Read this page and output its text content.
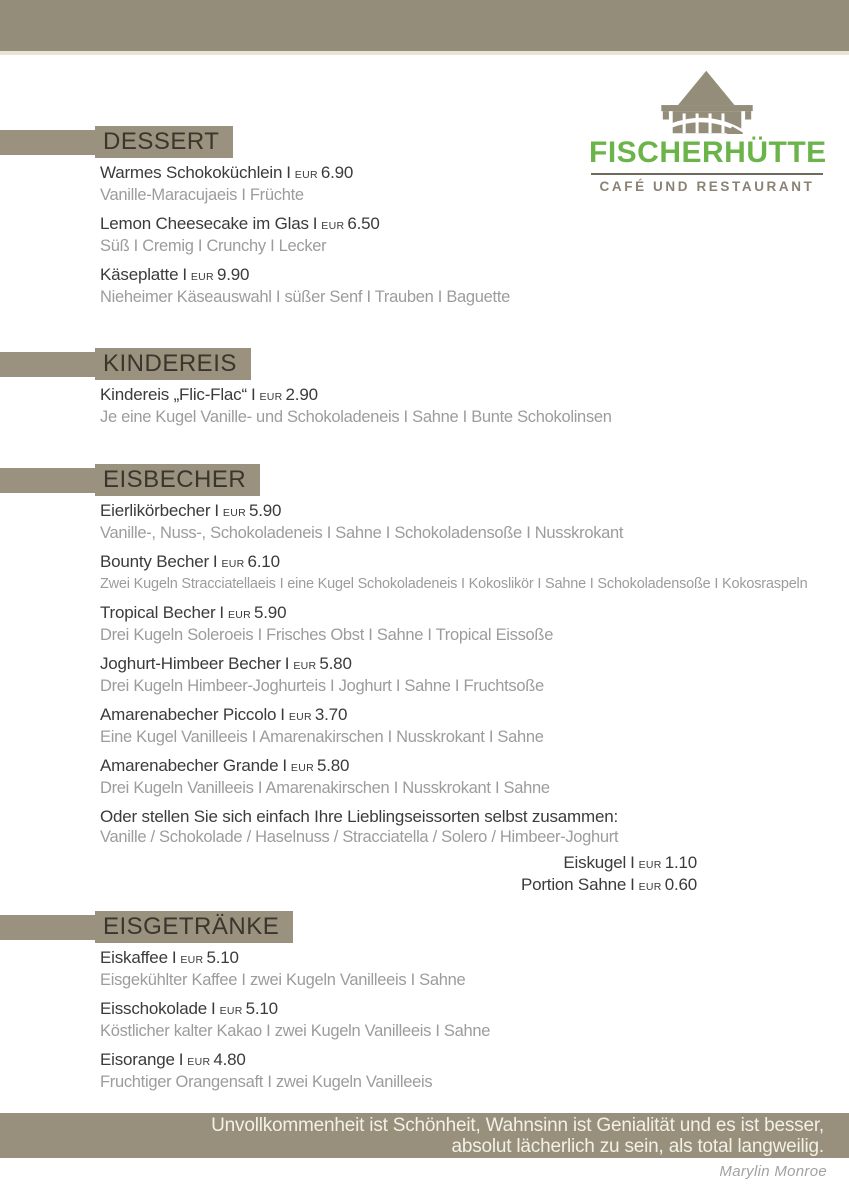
FISCHERHÜTTE
CAFÉ UND RESTAURANT
DESSERT
Warmes Schokoküchlein I EUR 6.90
Vanille-Maracujaeis I Früchte
Lemon Cheesecake im Glas I EUR 6.50
Süß I Cremig I Crunchy I Lecker
Käseplatte I EUR 9.90
Nieheimer Käseauswahl I süßer Senf I Trauben I Baguette
KINDEREIS
Kindereis „Flic-Flac“ I EUR 2.90
Je eine Kugel Vanille- und Schokoladeneis I Sahne I Bunte Schokolinsen
EISBECHER
Eierlikörbecher I EUR 5.90
Vanille-, Nuss-, Schokoladeneis I Sahne I Schokoladensoße I Nusskrokant
Bounty Becher I EUR 6.10
Zwei Kugeln Stracciatellaeis I eine Kugel Schokoladeneis I Kokoslikör I Sahne I Schokoladensoße I Kokosraspeln
Tropical Becher I EUR 5.90
Drei Kugeln Soleroeis I Frisches Obst I Sahne I Tropical Eissoße
Joghurt-Himbeer Becher I EUR 5.80
Drei Kugeln Himbeer-Joghurteis I Joghurt I Sahne I Fruchtsoße
Amarenabecher Piccolo I EUR 3.70
Eine Kugel Vanilleeis I Amarenakirschen I Nusskrokant I Sahne
Amarenabecher Grande I EUR 5.80
Drei Kugeln Vanilleeis I Amarenakirschen I Nusskrokant I Sahne
Oder stellen Sie sich einfach Ihre Lieblingseissorten selbst zusammen:
Vanille / Schokolade / Haselnuss / Stracciatella / Solero / Himbeer-Joghurt
Eiskugel I EUR 1.10
Portion Sahne I EUR 0.60
EISGETRÄNKE
Eiskaffee I EUR 5.10
Eisgekühlter Kaffee I zwei Kugeln Vanilleeis I Sahne
Eisschokolade I EUR 5.10
Köstlicher kalter Kakao I zwei Kugeln Vanilleeis I Sahne
Eisorange I EUR 4.80
Fruchtiger Orangensaft I zwei Kugeln Vanilleeis
Unvollkommenheit ist Schönheit, Wahnsinn ist Genialität und es ist besser,
absolut lächerlich zu sein, als total langweilig.
Marylin Monroe
